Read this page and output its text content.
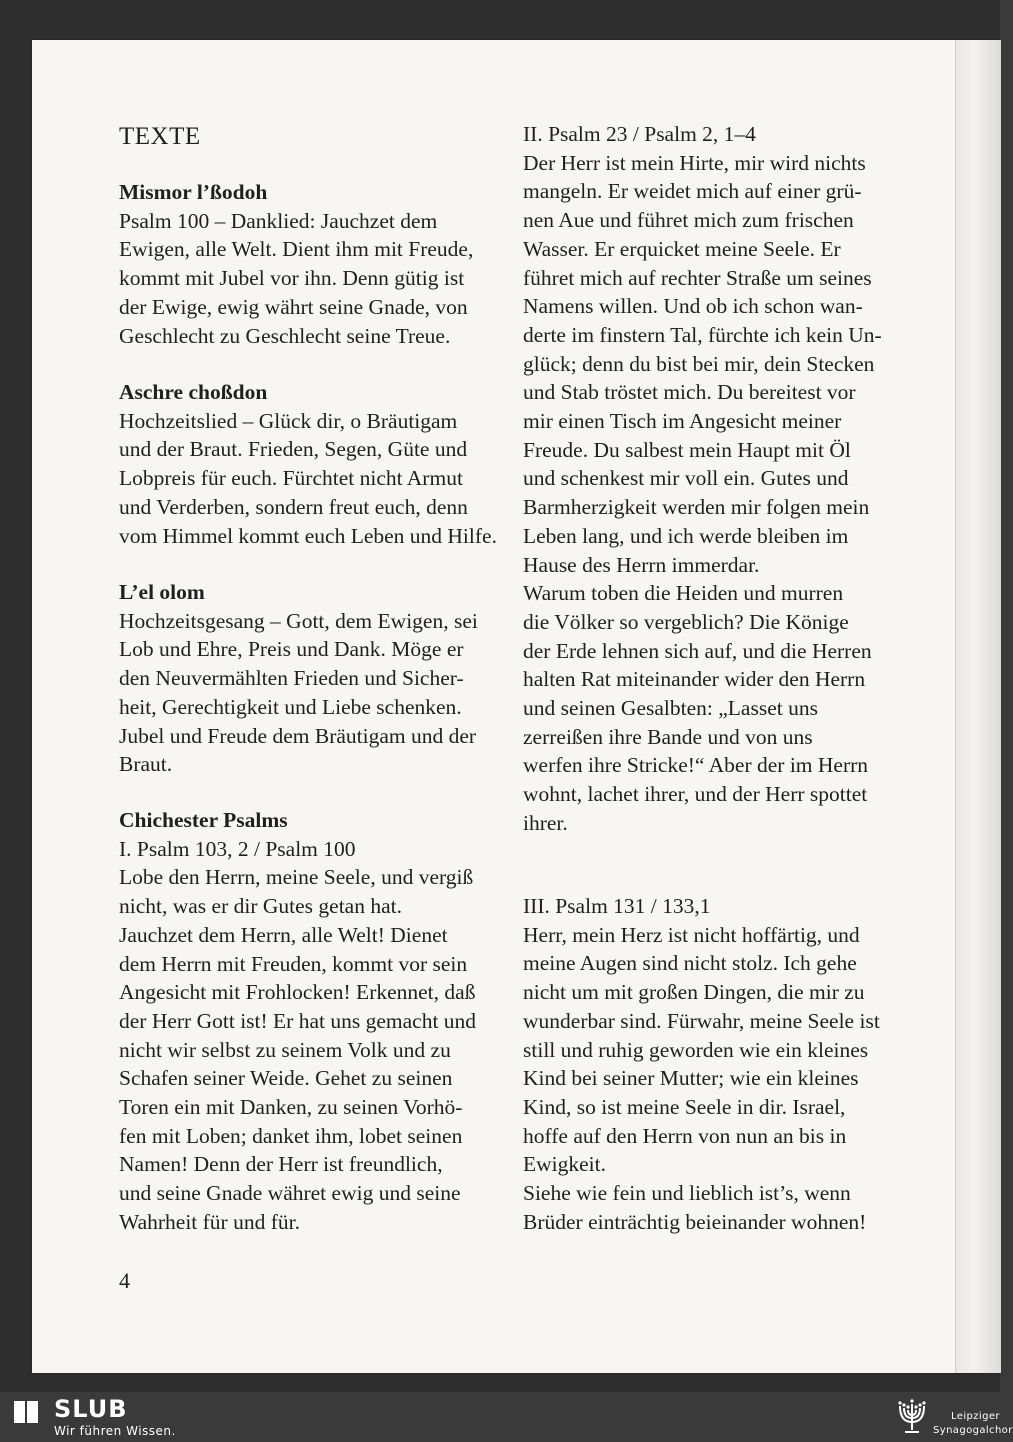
TEXTE
Mismor l’ßodoh
Psalm 100 – Danklied: Jauchzet dem
Ewigen, alle Welt. Dient ihm mit Freude,
kommt mit Jubel vor ihn. Denn gütig ist
der Ewige, ewig währt seine Gnade, von
Geschlecht zu Geschlecht seine Treue.
Aschre choßdon
Hochzeitslied – Glück dir, o Bräutigam
und der Braut. Frieden, Segen, Güte und
Lobpreis für euch. Fürchtet nicht Armut
und Verderben, sondern freut euch, denn
vom Himmel kommt euch Leben und Hilfe.
L’el olom
Hochzeitsgesang – Gott, dem Ewigen, sei
Lob und Ehre, Preis und Dank. Möge er
den Neuvermählten Frieden und Sicher-
heit, Gerechtigkeit und Liebe schenken.
Jubel und Freude dem Bräutigam und der
Braut.
Chichester Psalms
I. Psalm 103, 2 / Psalm 100
Lobe den Herrn, meine Seele, und vergiß
nicht, was er dir Gutes getan hat.
Jauchzet dem Herrn, alle Welt! Dienet
dem Herrn mit Freuden, kommt vor sein
Angesicht mit Frohlocken! Erkennet, daß
der Herr Gott ist! Er hat uns gemacht und
nicht wir selbst zu seinem Volk und zu
Schafen seiner Weide. Gehet zu seinen
Toren ein mit Danken, zu seinen Vorhö-
fen mit Loben; danket ihm, lobet seinen
Namen! Denn der Herr ist freundlich,
und seine Gnade währet ewig und seine
Wahrheit für und für.
II. Psalm 23 / Psalm 2, 1–4
Der Herr ist mein Hirte, mir wird nichts
mangeln. Er weidet mich auf einer grü-
nen Aue und führet mich zum frischen
Wasser. Er erquicket meine Seele. Er
führet mich auf rechter Straße um seines
Namens willen. Und ob ich schon wan-
derte im finstern Tal, fürchte ich kein Un-
glück; denn du bist bei mir, dein Stecken
und Stab tröstet mich. Du bereitest vor
mir einen Tisch im Angesicht meiner
Freude. Du salbest mein Haupt mit Öl
und schenkest mir voll ein. Gutes und
Barmherzigkeit werden mir folgen mein
Leben lang, und ich werde bleiben im
Hause des Herrn immerdar.
Warum toben die Heiden und murren
die Völker so vergeblich? Die Könige
der Erde lehnen sich auf, und die Herren
halten Rat miteinander wider den Herrn
und seinen Gesalbten: „Lasset uns
zerreißen ihre Bande und von uns
werfen ihre Stricke!“ Aber der im Herrn
wohnt, lachet ihrer, und der Herr spottet
ihrer.
III. Psalm 131 / 133,1
Herr, mein Herz ist nicht hoffärtig, und
meine Augen sind nicht stolz. Ich gehe
nicht um mit großen Dingen, die mir zu
wunderbar sind. Fürwahr, meine Seele ist
still und ruhig geworden wie ein kleines
Kind bei seiner Mutter; wie ein kleines
Kind, so ist meine Seele in dir. Israel,
hoffe auf den Herrn von nun an bis in
Ewigkeit.
Siehe wie fein und lieblich ist’s, wenn
Brüder einträchtig beieinander wohnen!
4
SLUB
Wir führen Wissen.
Leipziger
Synagogalchor
